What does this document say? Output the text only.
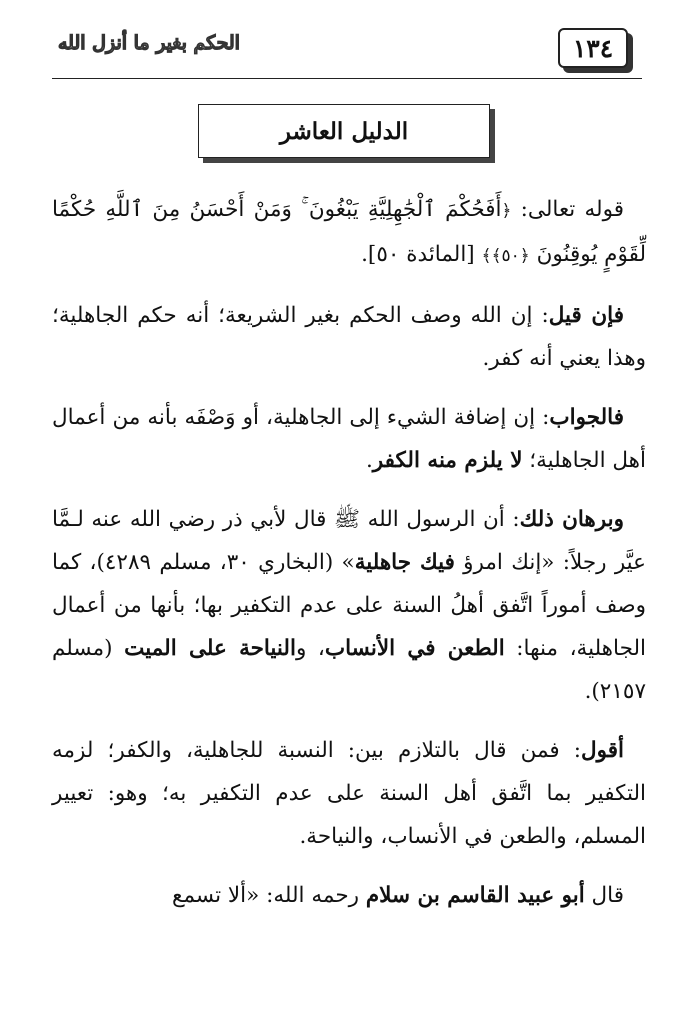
الحكم بغير ما أنزل الله	١٣٤
الدليل العاشر

قوله تعالى: ﴿أَفَحُكْمَ ٱلْجَٰهِلِيَّةِ يَبْغُونَ ۚ وَمَنْ أَحْسَنُ مِنَ ٱللَّهِ حُكْمًا لِّقَوْمٍ يُوقِنُونَ ﴿٥٠﴾﴾ [المائدة ٥٠].

فإن قيل: إن الله وصف الحكم بغير الشريعة؛ أنه حكم الجاهلية؛ وهذا يعني أنه كفر.

فالجواب: إن إضافة الشيء إلى الجاهلية، أو وَصْفَه بأنه من أعمال أهل الجاهلية؛ لا يلزم منه الكفر.

وبرهان ذلك: أن الرسول الله ﷺ قال لأبي ذر رضي الله عنه لـمَّا عيَّر رجلاً: «إنك امرؤ فيك جاهلية» (البخاري ٣٠، مسلم ٤٢٨٩)، كما وصف أموراً اتَّفق أهلُ السنة على عدم التكفير بها؛ بأنها من أعمال الجاهلية، منها: الطعن في الأنساب، والنياحة على الميت (مسلم ٢١٥٧).

أقول: فمن قال بالتلازم بين: النسبة للجاهلية، والكفر؛ لزمه التكفير بما اتَّفق أهل السنة على عدم التكفير به؛ وهو: تعيير المسلم، والطعن في الأنساب، والنياحة.

قال أبو عبيد القاسم بن سلام رحمه الله: «ألا تسمع
